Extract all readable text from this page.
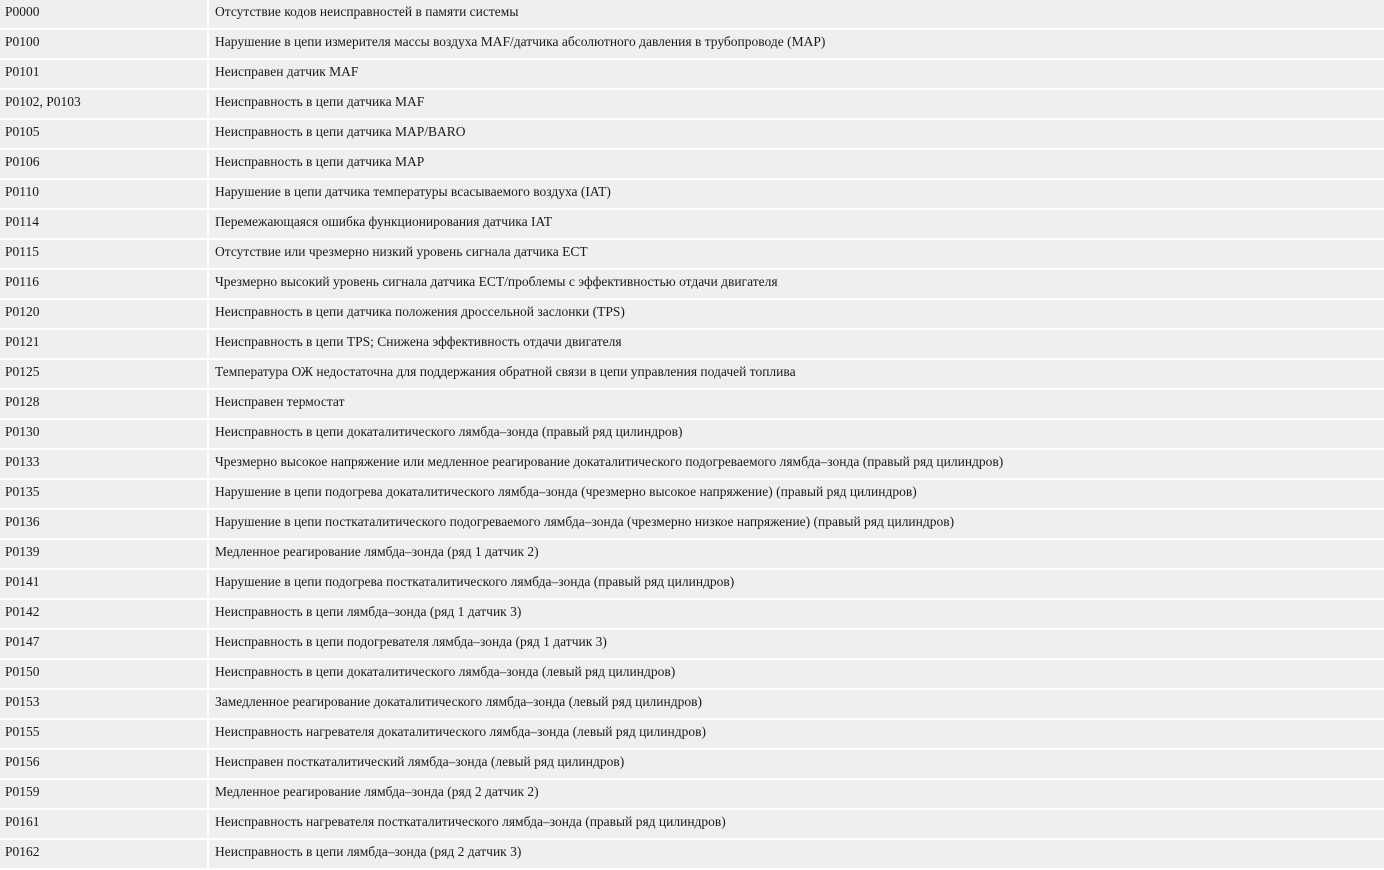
P0000	Отсутствие кодов неисправностей в памяти системы
P0100	Нарушение в цепи измерителя массы воздуха MAF/датчика абсолютного давления в трубопроводе (MAP)
P0101	Неисправен датчик MAF
P0102, P0103	Неисправность в цепи датчика MAF
P0105	Неисправность в цепи датчика MAP/BARO
P0106	Неисправность в цепи датчика MAP
P0110	Нарушение в цепи датчика температуры всасываемого воздуха (IAT)
P0114	Перемежающаяся ошибка функционирования датчика IAT
P0115	Отсутствие или чрезмерно низкий уровень сигнала датчика ECT
P0116	Чрезмерно высокий уровень сигнала датчика ECT/проблемы с эффективностью отдачи двигателя
P0120	Неисправность в цепи датчика положения дроссельной заслонки (TPS)
P0121	Неисправность в цепи TPS; Снижена эффективность отдачи двигателя
P0125	Температура ОЖ недостаточна для поддержания обратной связи в цепи управления подачей топлива
P0128	Неисправен термостат
P0130	Неисправность в цепи докаталитического лямбда–зонда (правый ряд цилиндров)
P0133	Чрезмерно высокое напряжение или медленное реагирование докаталитического подогреваемого лямбда–зонда (правый ряд цилиндров)
P0135	Нарушение в цепи подогрева докаталитического лямбда–зонда (чрезмерно высокое напряжение) (правый ряд цилиндров)
P0136	Нарушение в цепи посткаталитического подогреваемого лямбда–зонда (чрезмерно низкое напряжение) (правый ряд цилиндров)
P0139	Медленное реагирование лямбда–зонда (ряд 1 датчик 2)
P0141	Нарушение в цепи подогрева посткаталитического лямбда–зонда (правый ряд цилиндров)
P0142	Неисправность в цепи лямбда–зонда (ряд 1 датчик 3)
P0147	Неисправность в цепи подогревателя лямбда–зонда (ряд 1 датчик 3)
P0150	Неисправность в цепи докаталитического лямбда–зонда (левый ряд цилиндров)
P0153	Замедленное реагирование докаталитического лямбда–зонда (левый ряд цилиндров)
P0155	Неисправность нагревателя докаталитического лямбда–зонда (левый ряд цилиндров)
P0156	Неисправен посткаталитический лямбда–зонда (левый ряд цилиндров)
P0159	Медленное реагирование лямбда–зонда (ряд 2 датчик 2)
P0161	Неисправность нагревателя посткаталитического лямбда–зонда (правый ряд цилиндров)
P0162	Неисправность в цепи лямбда–зонда (ряд 2 датчик 3)
